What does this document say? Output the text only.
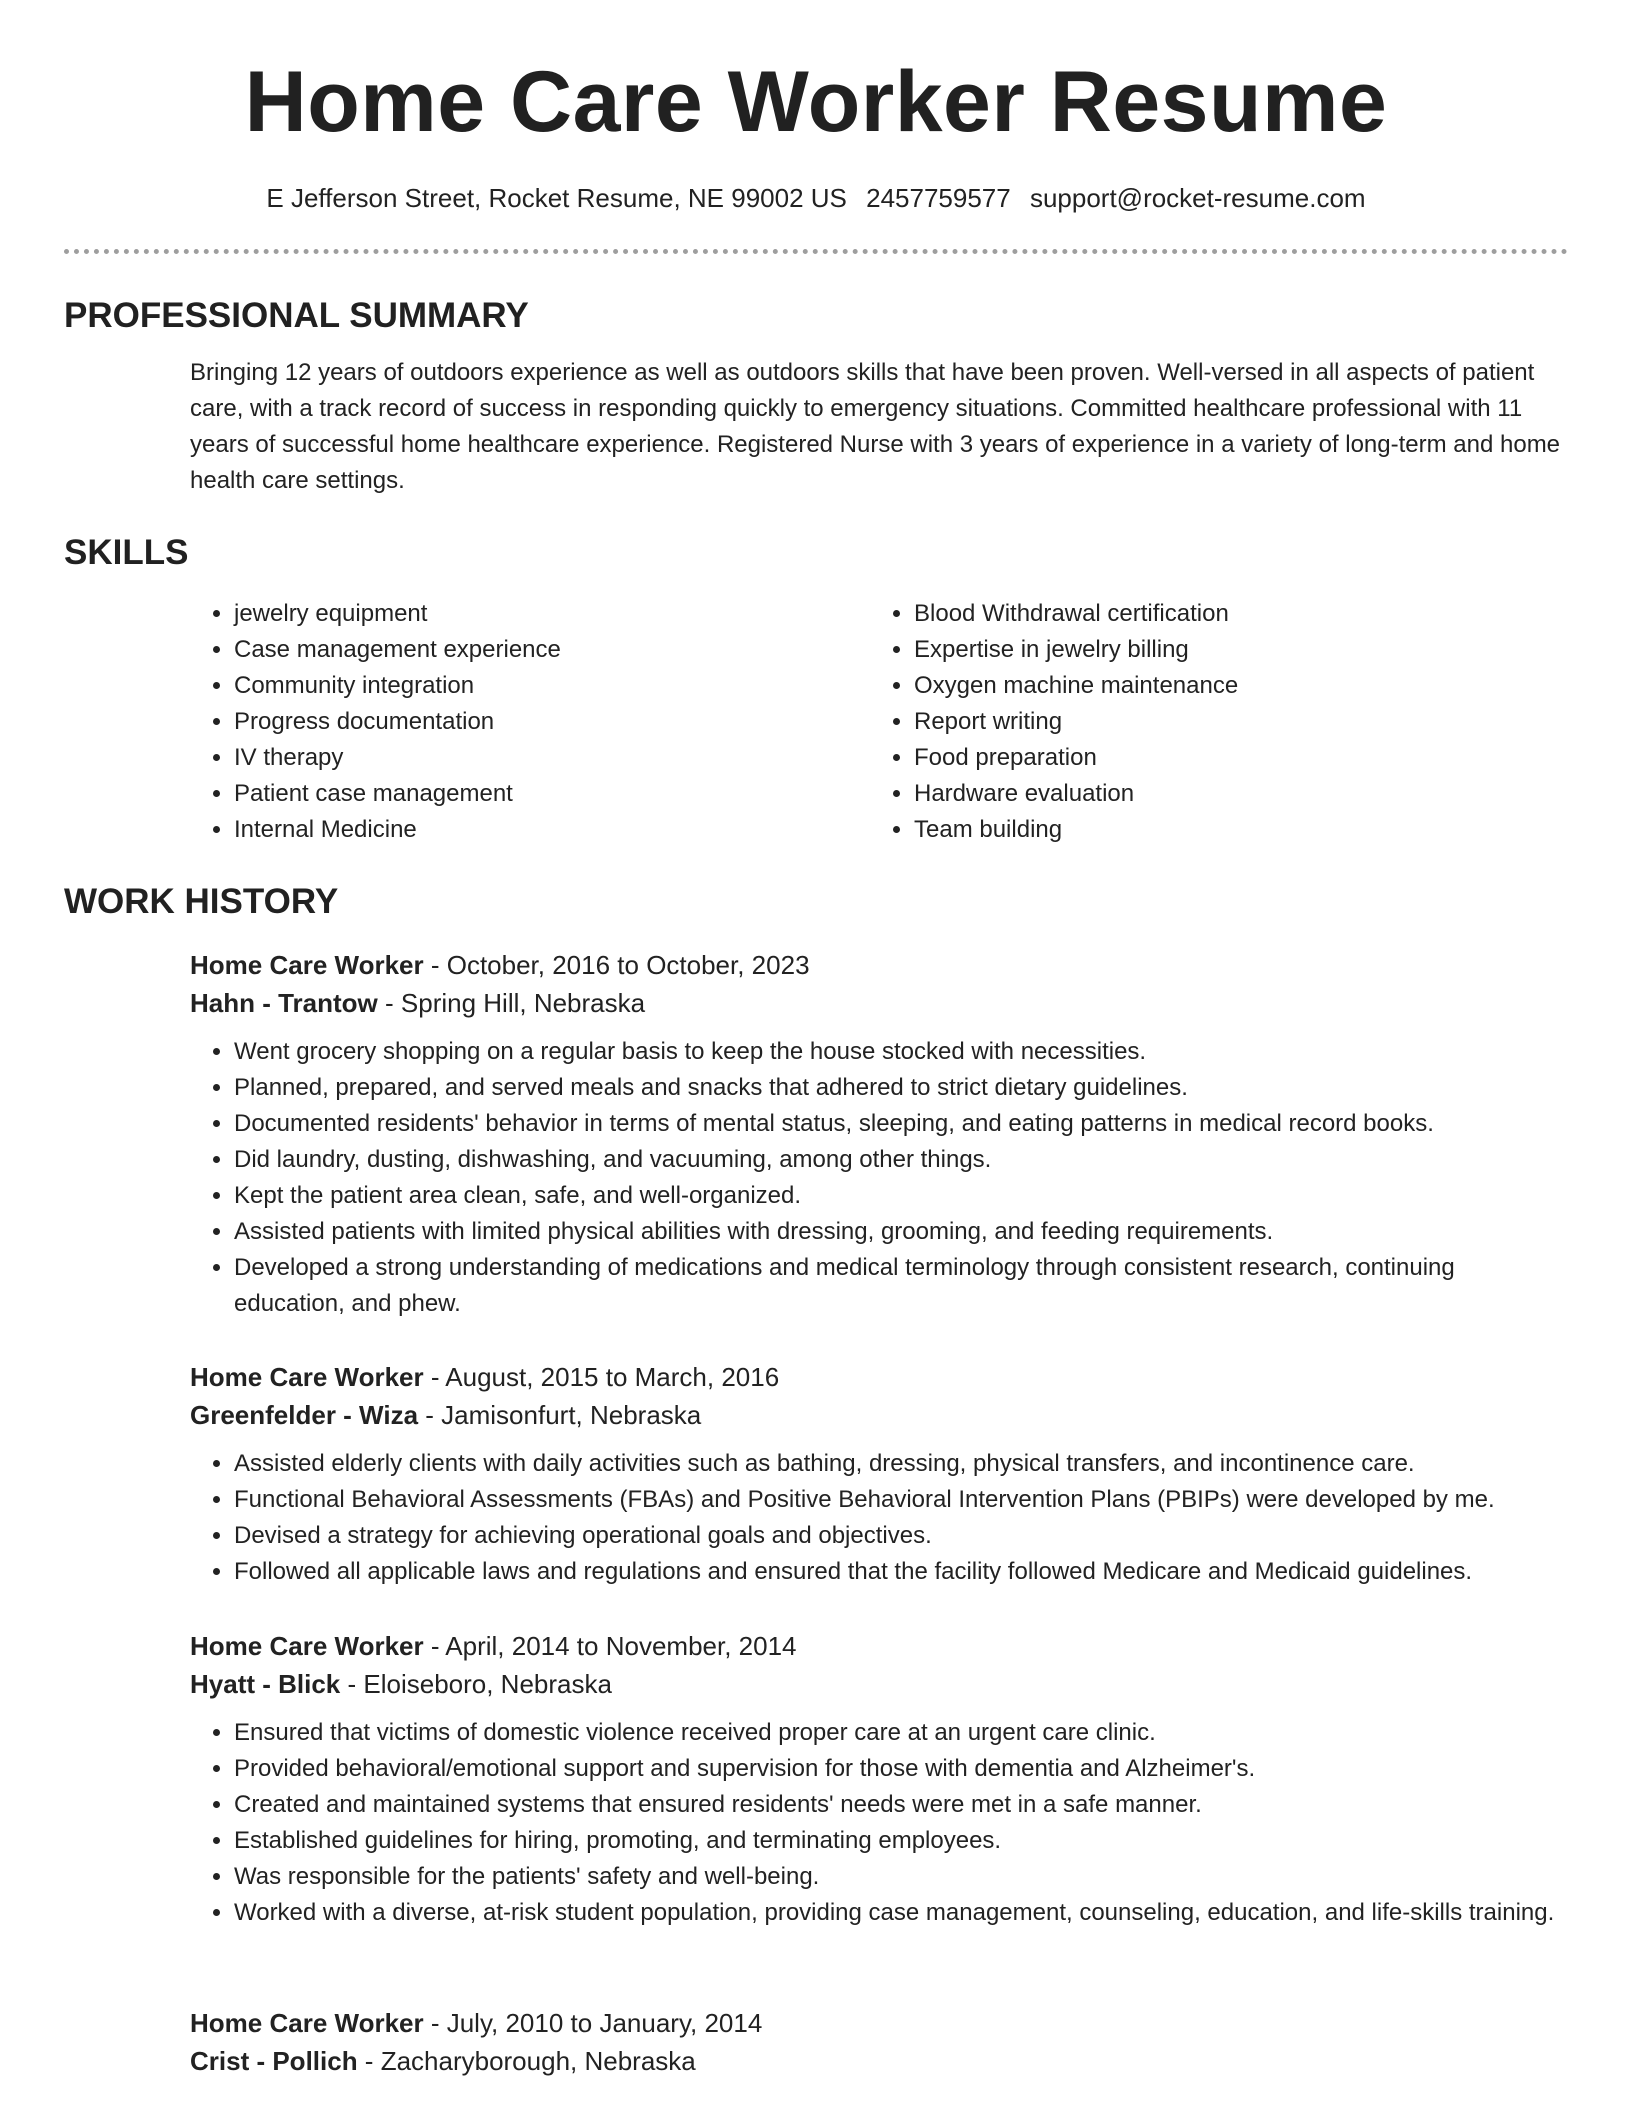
Home Care Worker Resume
E Jefferson Street, Rocket Resume, NE 99002 US 2457759577 support@rocket-resume.com
PROFESSIONAL SUMMARY

Bringing 12 years of outdoors experience as well as outdoors skills that have been proven. Well-versed in all aspects of patient care, with a track record of success in responding quickly to emergency situations. Committed healthcare professional with 11 years of successful home healthcare experience. Registered Nurse with 3 years of experience in a variety of long-term and home health care settings.

SKILLS
• jewelry equipment
• Case management experience
• Community integration
• Progress documentation
• IV therapy
• Patient case management
• Internal Medicine
• Blood Withdrawal certification
• Expertise in jewelry billing
• Oxygen machine maintenance
• Report writing
• Food preparation
• Hardware evaluation
• Team building
WORK HISTORY

Home Care Worker - October, 2016 to October, 2023

Hahn - Trantow - Spring Hill, Nebraska

• Went grocery shopping on a regular basis to keep the house stocked with necessities.
• Planned, prepared, and served meals and snacks that adhered to strict dietary guidelines.
• Documented residents' behavior in terms of mental status, sleeping, and eating patterns in medical record books.
• Did laundry, dusting, dishwashing, and vacuuming, among other things.
• Kept the patient area clean, safe, and well-organized.
• Assisted patients with limited physical abilities with dressing, grooming, and feeding requirements.
• Developed a strong understanding of medications and medical terminology through consistent research, continuing education, and phew.

Home Care Worker - August, 2015 to March, 2016

Greenfelder - Wiza - Jamisonfurt, Nebraska

• Assisted elderly clients with daily activities such as bathing, dressing, physical transfers, and incontinence care.
• Functional Behavioral Assessments (FBAs) and Positive Behavioral Intervention Plans (PBIPs) were developed by me.
• Devised a strategy for achieving operational goals and objectives.
• Followed all applicable laws and regulations and ensured that the facility followed Medicare and Medicaid guidelines.

Home Care Worker - April, 2014 to November, 2014

Hyatt - Blick - Eloiseboro, Nebraska

• Ensured that victims of domestic violence received proper care at an urgent care clinic.
• Provided behavioral/emotional support and supervision for those with dementia and Alzheimer's.
• Created and maintained systems that ensured residents' needs were met in a safe manner.
• Established guidelines for hiring, promoting, and terminating employees.
• Was responsible for the patients' safety and well-being.
• Worked with a diverse, at-risk student population, providing case management, counseling, education, and life-skills training.

Home Care Worker - July, 2010 to January, 2014

Crist - Pollich - Zacharyborough, Nebraska
